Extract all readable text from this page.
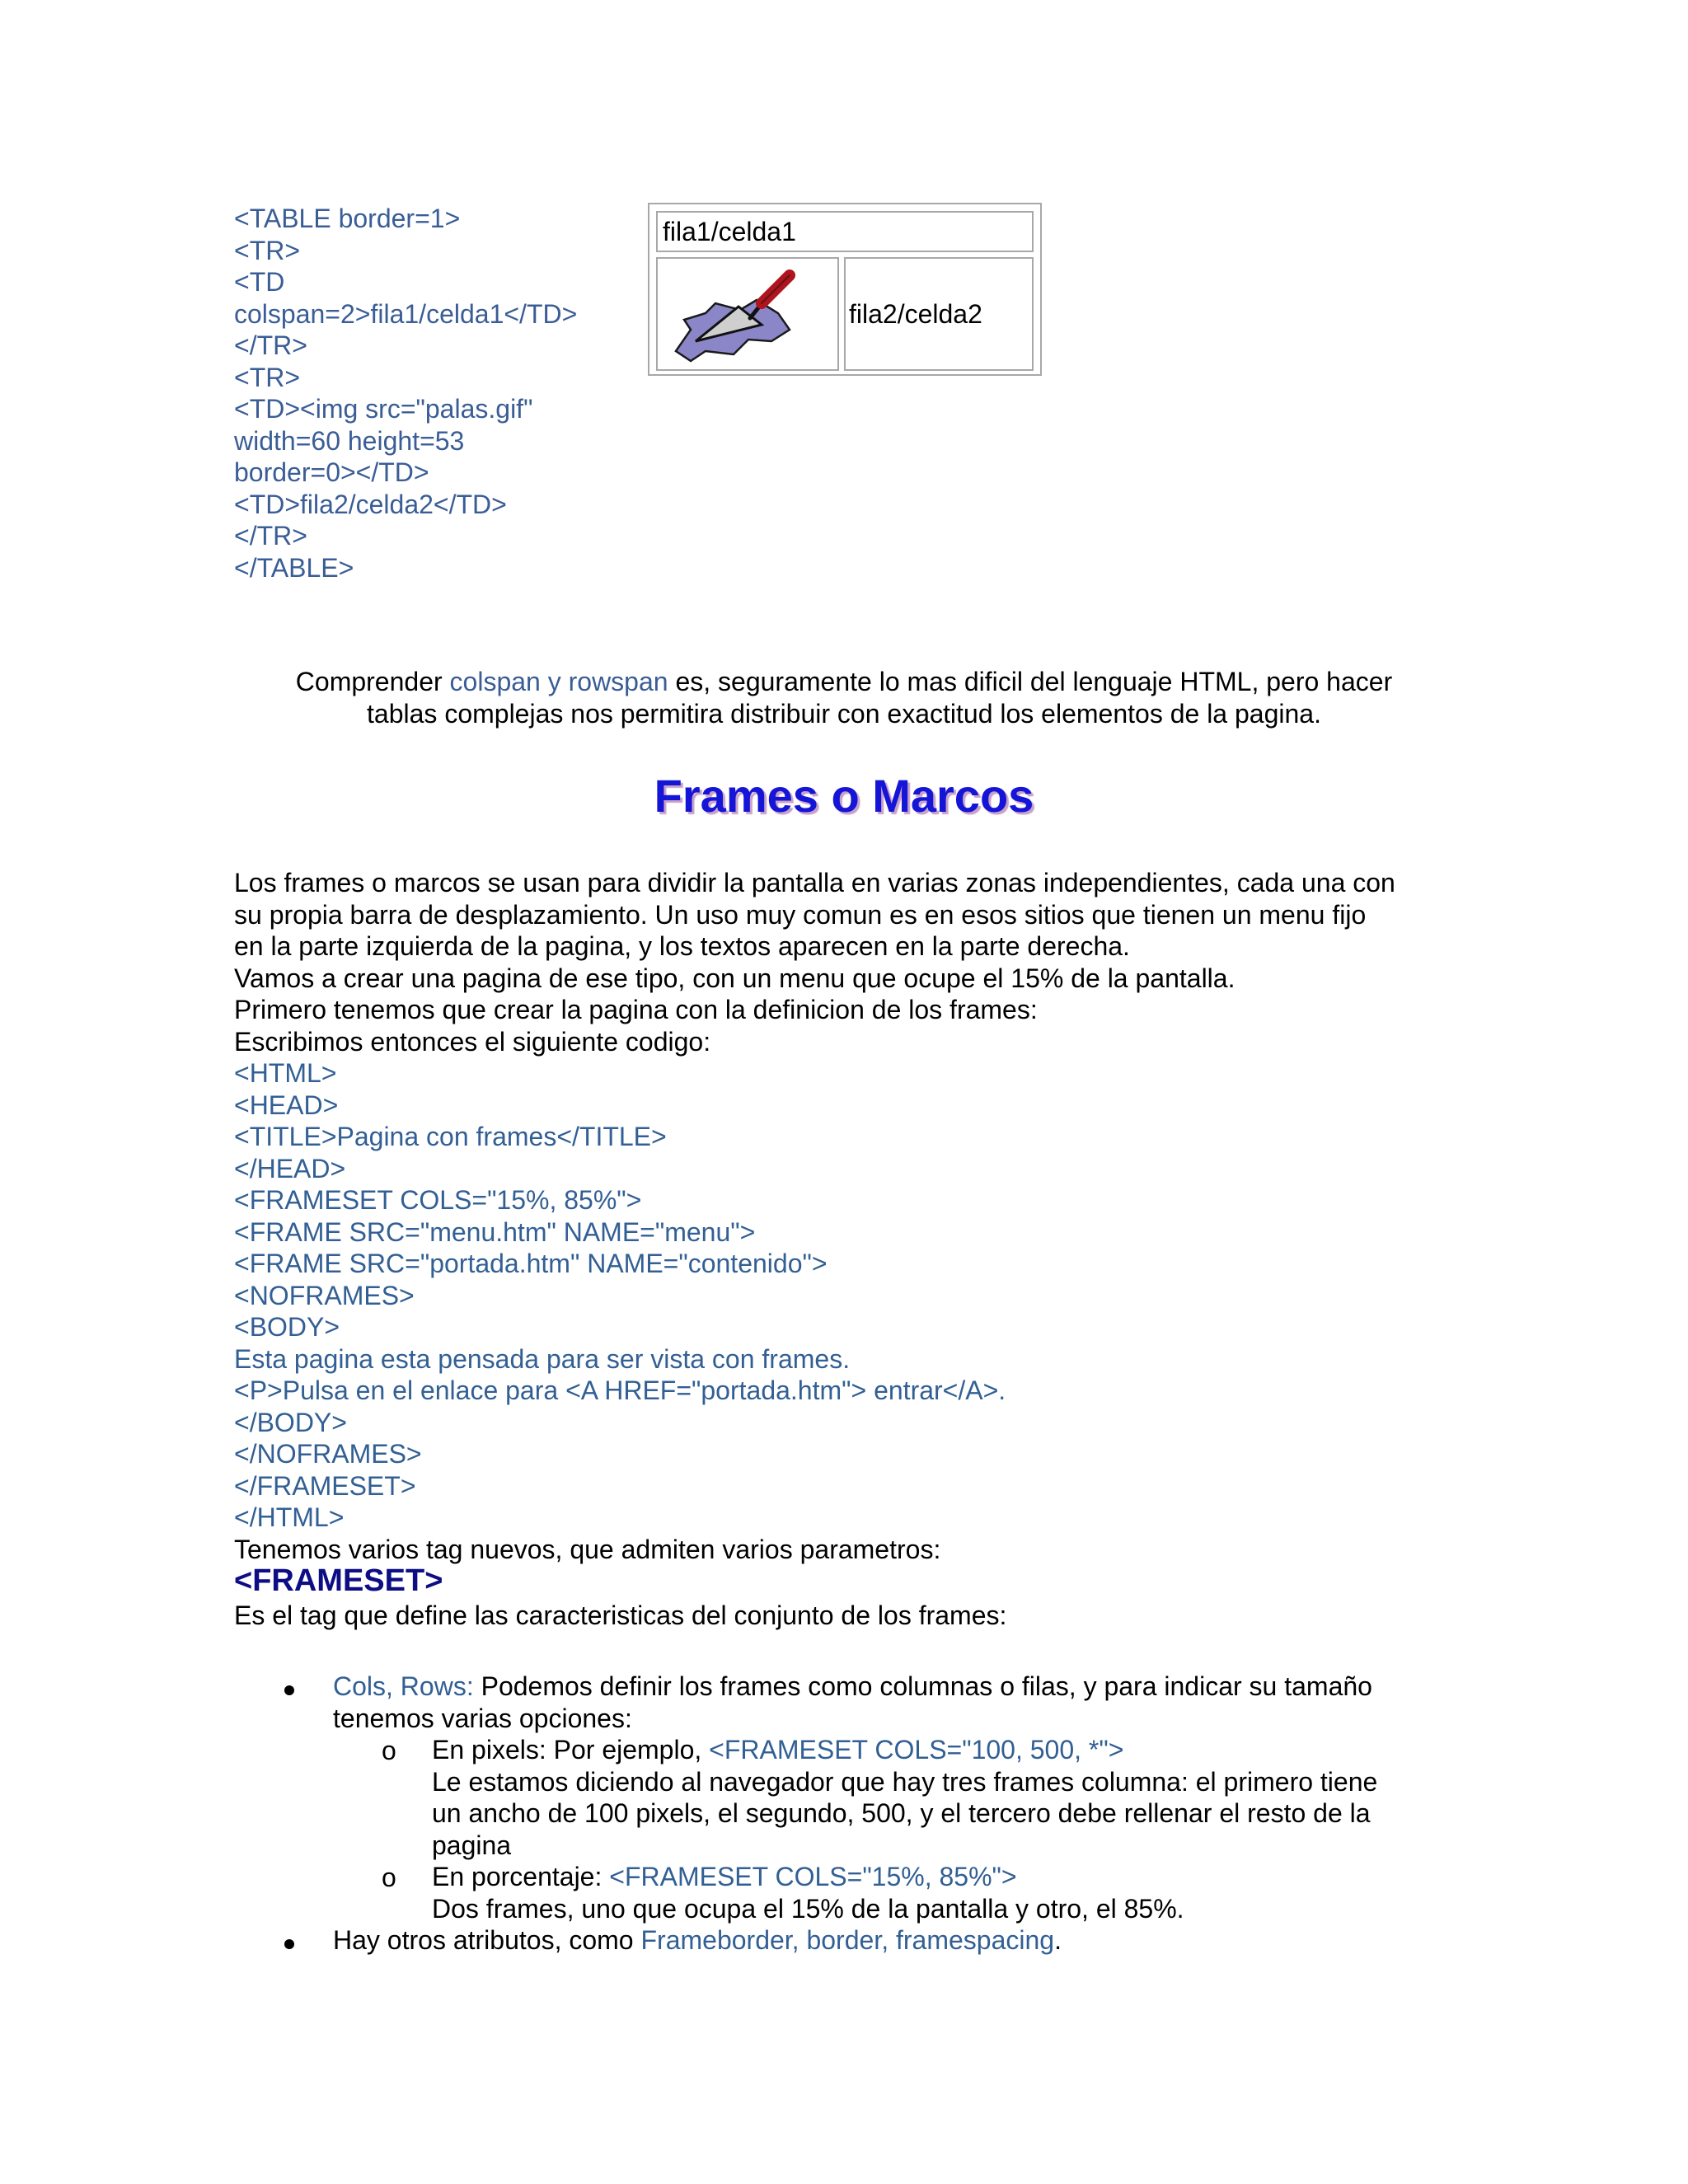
<TABLE border=1>
<TR>
<TD
colspan=2>fila1/celda1</TD>
</TR>
<TR>
<TD><img src="palas.gif"
width=60 height=53
border=0></TD>
<TD>fila2/celda2</TD>
</TR>
</TABLE>
fila1/celda1
fila2/celda2
Comprender colspan y rowspan es, seguramente lo mas dificil del lenguaje HTML, pero hacer
tablas complejas nos permitira distribuir con exactitud los elementos de la pagina.
Frames o Marcos
Los frames o marcos se usan para dividir la pantalla en varias zonas independientes, cada una con
su propia barra de desplazamiento. Un uso muy comun es en esos sitios que tienen un menu fijo
en la parte izquierda de la pagina, y los textos aparecen en la parte derecha.
Vamos a crear una pagina de ese tipo, con un menu que ocupe el 15% de la pantalla.
Primero tenemos que crear la pagina con la definicion de los frames:
Escribimos entonces el siguiente codigo:
<HTML>
<HEAD>
<TITLE>Pagina con frames</TITLE>
</HEAD>
<FRAMESET COLS="15%, 85%">
<FRAME SRC="menu.htm" NAME="menu">
<FRAME SRC="portada.htm" NAME="contenido">
<NOFRAMES>
<BODY>
Esta pagina esta pensada para ser vista con frames.
<P>Pulsa en el enlace para <A HREF="portada.htm"> entrar</A>.
</BODY>
</NOFRAMES>
</FRAMESET>
</HTML>
Tenemos varios tag nuevos, que admiten varios parametros:
<FRAMESET>
Es el tag que define las caracteristicas del conjunto de los frames:
Cols, Rows: Podemos definir los frames como columnas o filas, y para indicar su tamaño
tenemos varias opciones:
o En pixels: Por ejemplo, <FRAMESET COLS="100, 500, *">
Le estamos diciendo al navegador que hay tres frames columna: el primero tiene
un ancho de 100 pixels, el segundo, 500, y el tercero debe rellenar el resto de la
pagina
o En porcentaje: <FRAMESET COLS="15%, 85%">
Dos frames, uno que ocupa el 15% de la pantalla y otro, el 85%.
Hay otros atributos, como Frameborder, border, framespacing.
